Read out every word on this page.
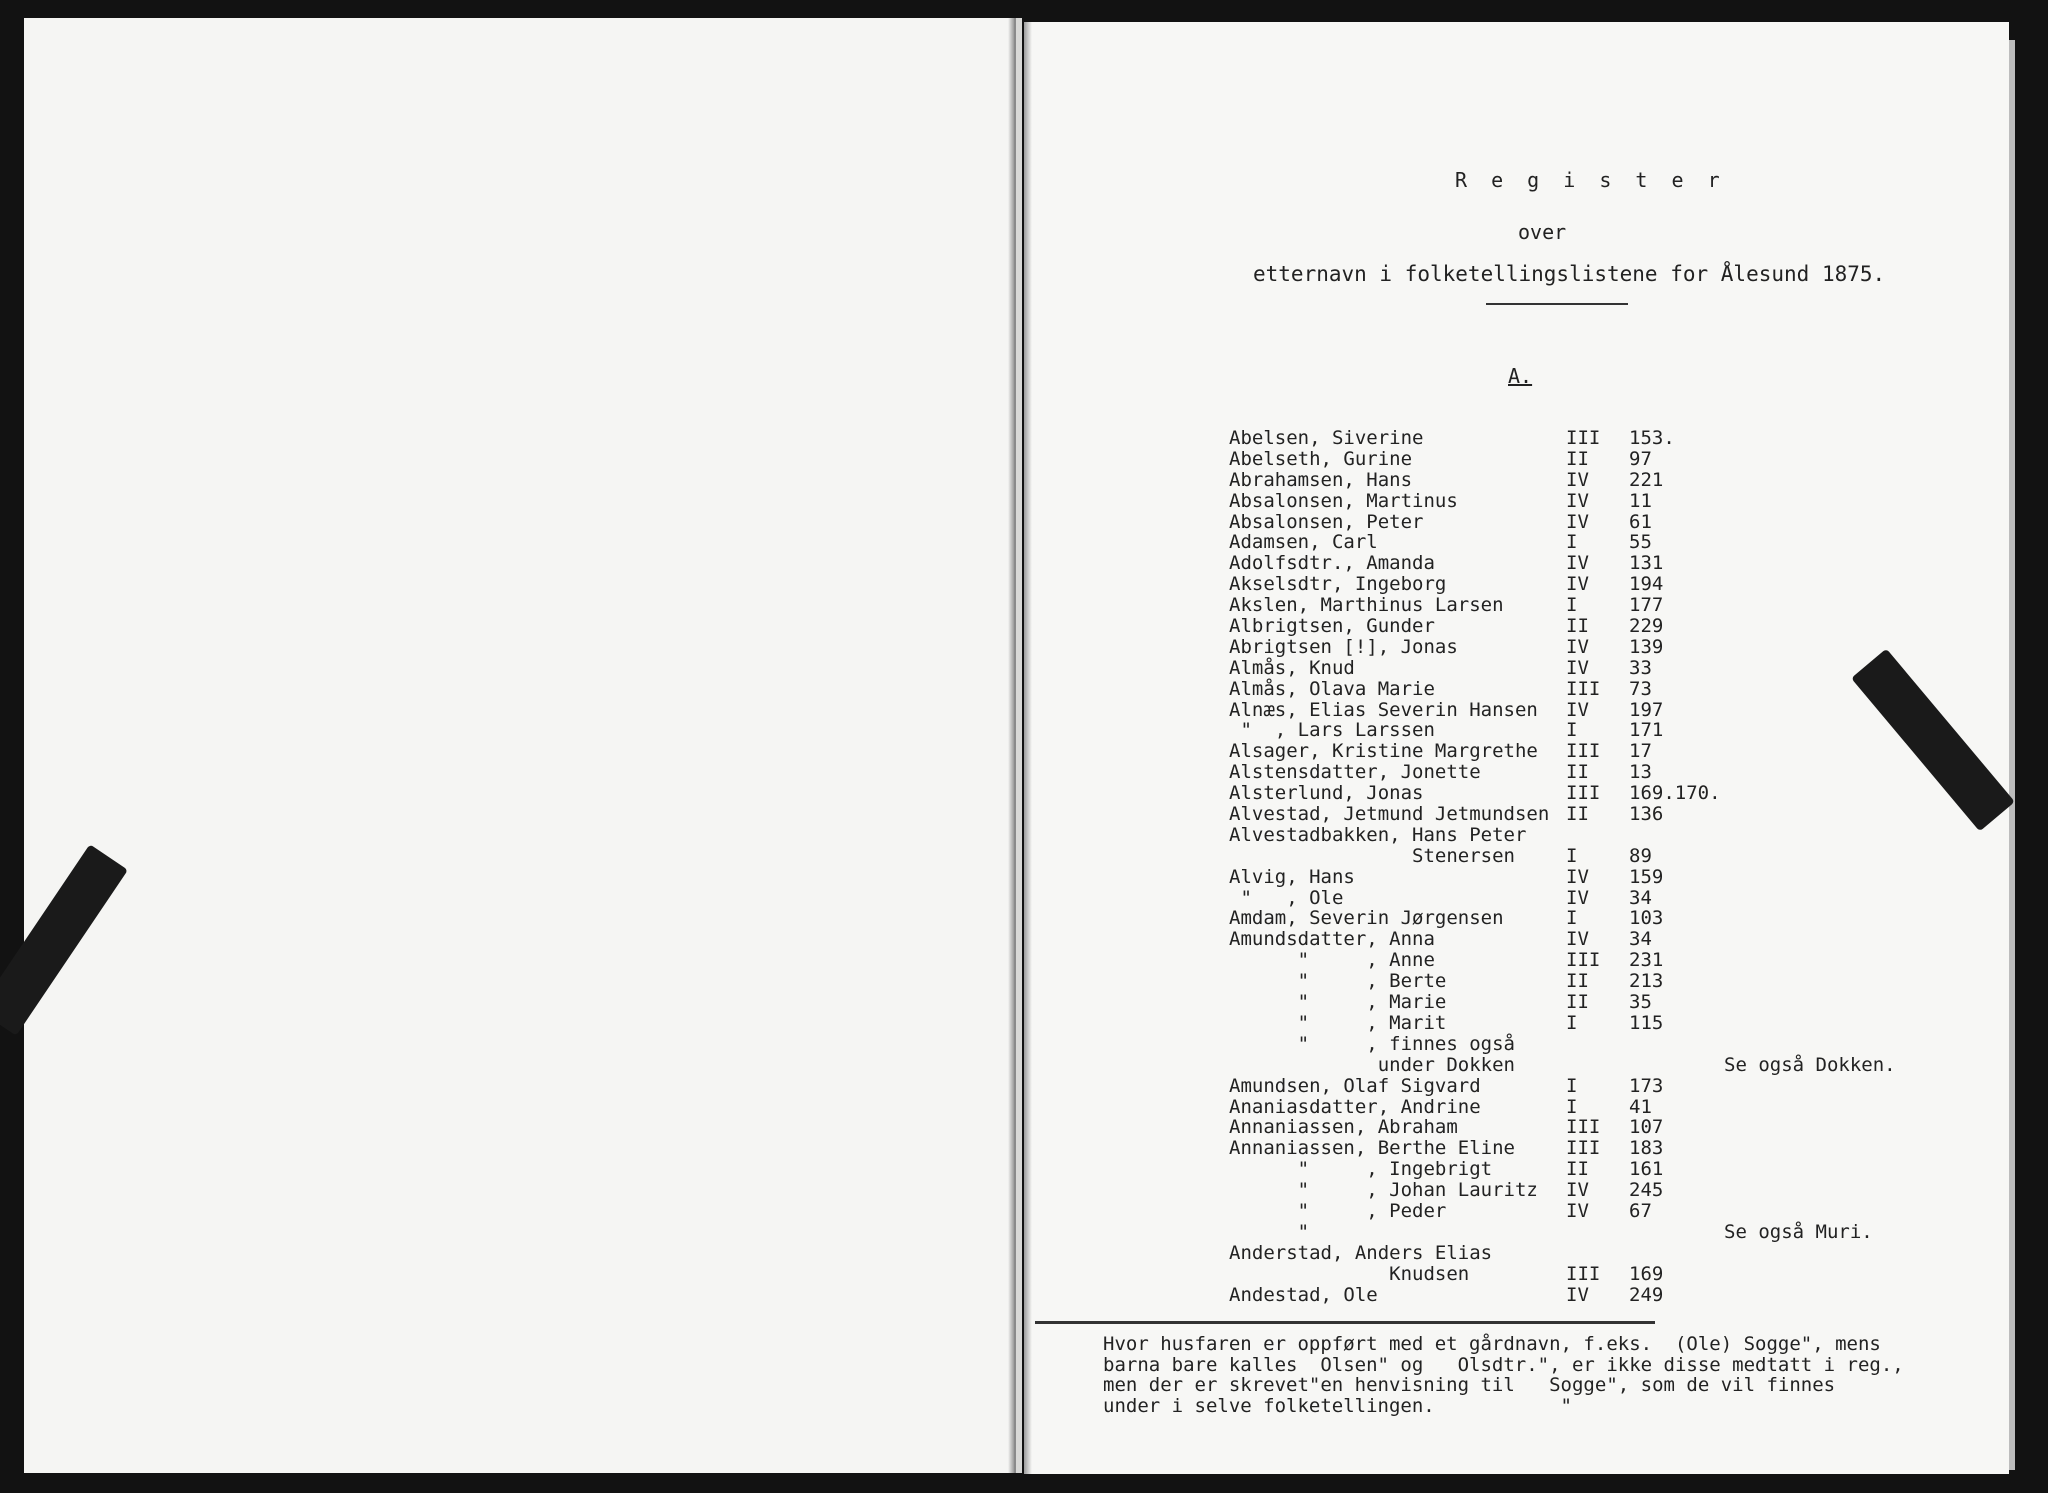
R e g i s t e r
over
etternavn i folketellingslistene for Ålesund 1875.
A.
Abelsen, Siverine	III 153.
Abelseth, Gurine	II 97
Abrahamsen, Hans	IV 221
Absalonsen, Martinus	IV 11
Absalonsen, Peter	IV 61
Adamsen, Carl	I	55
Adolfsdtr., Amanda	IV 131
Akselsdtr, Ingeborg	IV 194
Akslen, Marthinus Larsen	I	177
Albrigtsen, Gunder	II 229
Abrigtsen [!], Jonas	IV 139
Almås, Knud	IV 33
Almås, Olava Marie	III 73
Alnæs, Elias Severin Hansen IV 197
"  , Lars Larssen	I	171
Alsager, Kristine Margrethe III 17
Alstensdatter, Jonette	II 13
Alsterlund, Jonas	III 169.170.
Alvestad, Jetmund Jetmundsen II 136
Alvestadbakken, Hans Peter
Stenersen	I	89
Alvig, Hans	IV 159
"   , Ole	IV 34
Amdam, Severin Jørgensen	I	103
Amundsdatter, Anna	IV 34
"     , Anne	III 231
"     , Berte	II 213
"     , Marie	II 35
"     , Marit	I	115
"     , finnes også
under Dokken	Se også Dokken.
Amundsen, Olaf Sigvard	I	173
Ananiasdatter, Andrine	I	41
Annaniassen, Abraham	III 107
Annaniassen, Berthe Eline	III 183
"     , Ingebrigt	II 161
"     , Johan Lauritz IV 245
"     , Peder	IV 67
"	Se også Muri.
Anderstad, Anders Elias
Knudsen	III 169
Andestad, Ole	IV 249
Hvor husfaren er oppført med et gårdnavn, f.eks.  (Ole) Sogge", mens
barna bare kalles  Olsen" og   Olsdtr.", er ikke disse medtatt i reg.,
men der er skrevet"en henvisning til   Sogge", som de vil finnes
under i selve folketellingen.           "
